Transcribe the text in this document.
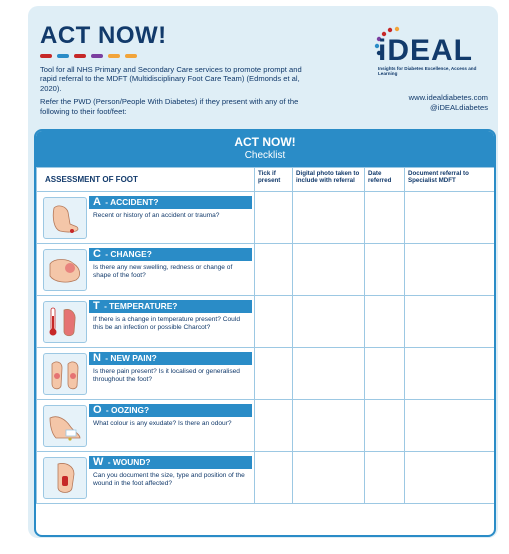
ACT NOW!

Tool for all NHS Primary and Secondary Care services to promote prompt and rapid referral to the MDFT (Multidisciplinary Foot Care Team) (Edmonds et al, 2020).

Refer the PWD (Person/People With Diabetes) if they present with any of the following to their foot/feet:

iDEAL
Insights for Diabetes Excellence, Access and Learning
www.idealdiabetes.com
@iDEALdiabetes
ACT NOW!
Checklist
ASSESSMENT OF FOOT	Tick if present	Digital photo taken to include with referral	Date referred	Document referral to Specialist MDFT

A - ACCIDENT?
Recent or history of an accident or trauma?				

C - CHANGE?
Is there any new swelling, redness or change of shape of the foot?				

T - TEMPERATURE?
If there is a change in temperature present? Could this be an infection or possible Charcot?				

N - NEW PAIN?
Is there pain present? Is it localised or generalised throughout the foot?				

O - OOZING?
What colour is any exudate? Is there an odour?				

W - WOUND?
Can you document the size, type and position of the wound in the foot affected?				
